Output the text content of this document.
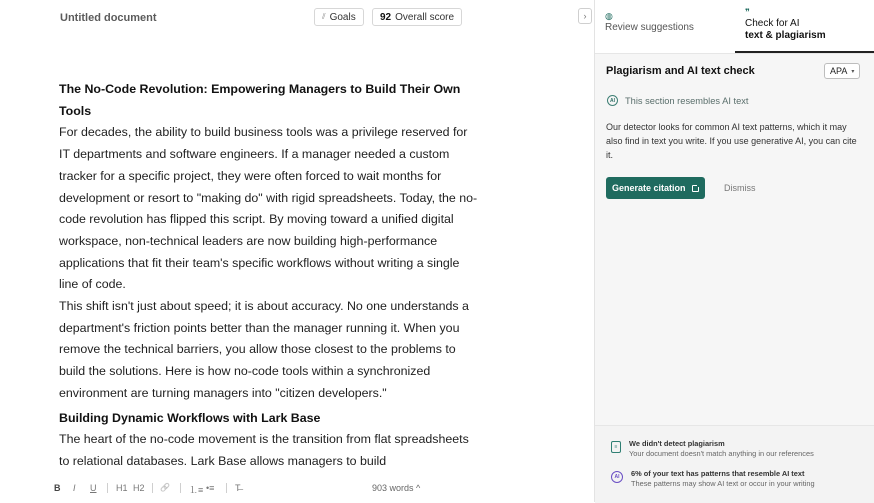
Untitled document	⫽ Goals 92 Overall score	›
The No-Code Revolution: Empowering Managers to Build Their Own Tools

For decades, the ability to build business tools was a privilege reserved for IT departments and software engineers. If a manager needed a custom tracker for a specific project, they were often forced to wait months for development or resort to "making do" with rigid spreadsheets. Today, the no-code revolution has flipped this script. By moving toward a unified digital workspace, non-technical leaders are now building high-performance applications that fit their team's specific workflows without writing a single line of code.

This shift isn't just about speed; it is about accuracy. No one understands a department's friction points better than the manager running it. When you remove the technical barriers, you allow those closest to the problems to build the solutions. Here is how no-code tools within a synchronized environment are turning managers into "citizen developers."

Building Dynamic Workflows with Lark Base

The heart of the no-code movement is the transition from flat spreadsheets to relational databases. Lark Base allows managers to build

B I U H1 H2 🔗 ⒈≡ •≡ T̶	903 words ^
◍
Review suggestions
❞
Check for AI
text & plagiarism
Plagiarism and AI text check	APA ▾
AI	This section resembles AI text

Our detector looks for common AI text patterns, which it may also find in text you write. If you use generative AI, you can cite it.

Generate citation	Dismiss
≡	We didn't detect plagiarism
Your document doesn't match anything in our references
AI	6% of your text has patterns that resemble AI text
These patterns may show AI text or occur in your writing
